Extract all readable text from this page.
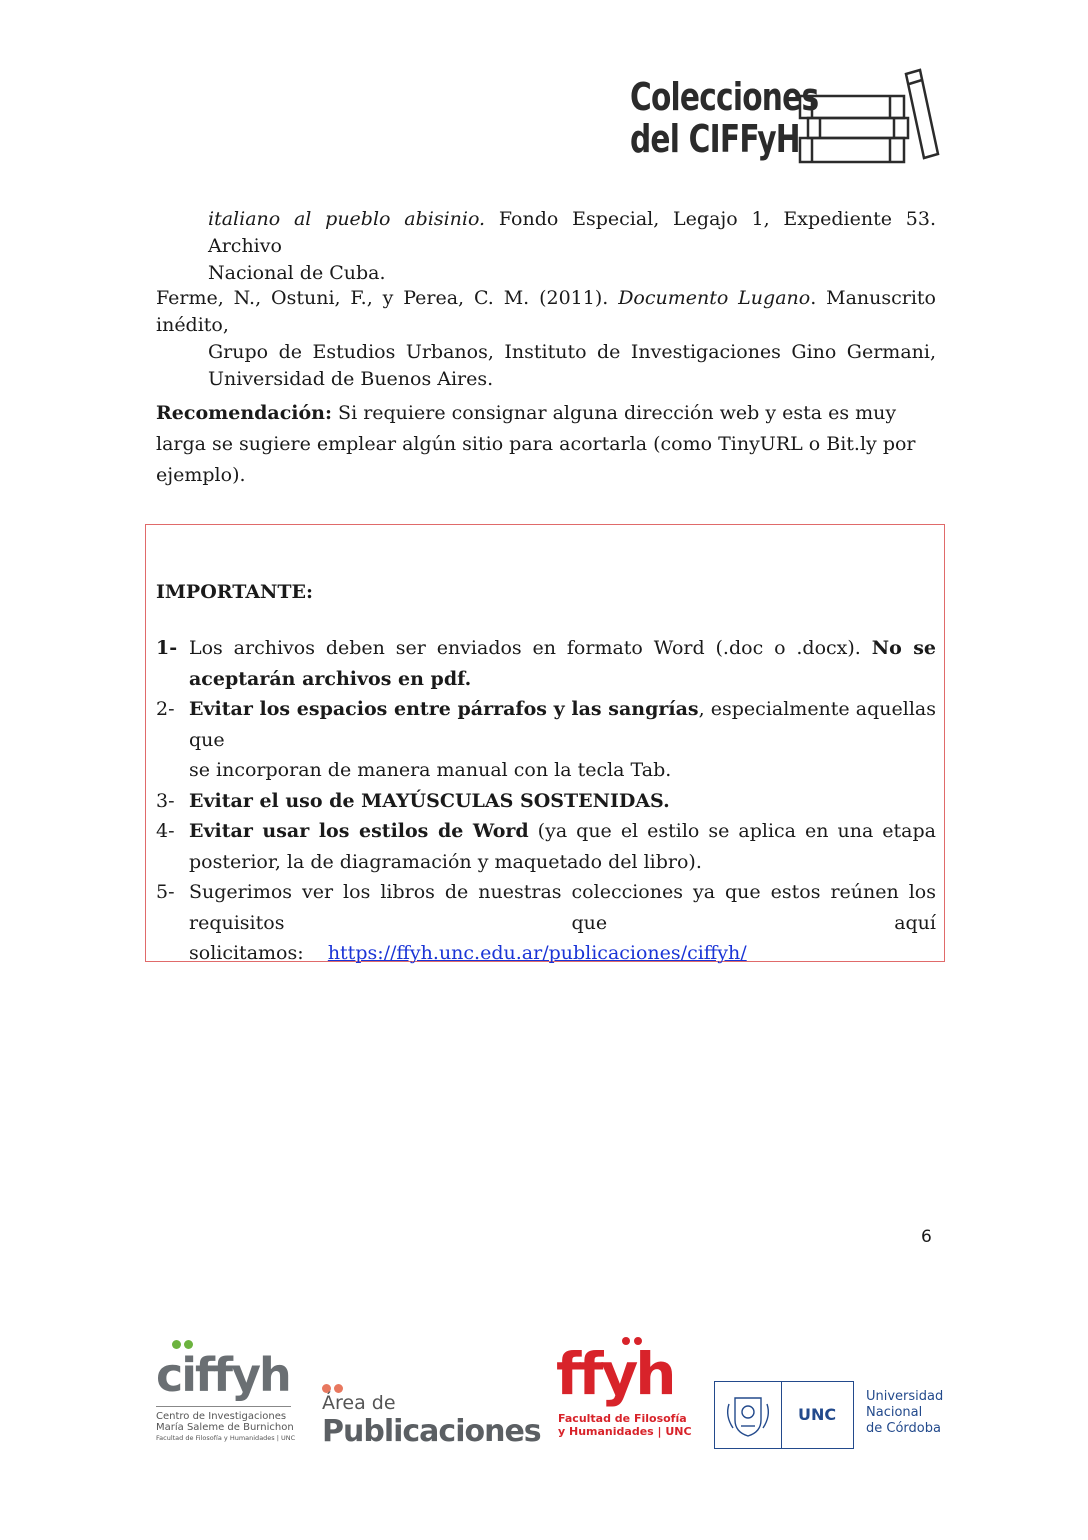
Colecciones
del CIFFyH
italiano al pueblo abisinio. Fondo Especial, Legajo 1, Expediente 53. Archivo
Nacional de Cuba.
Ferme, N., Ostuni, F., y Perea, C. M. (2011). Documento Lugano. Manuscrito inédito,
Grupo de Estudios Urbanos, Instituto de Investigaciones Gino Germani,
Universidad de Buenos Aires.
Recomendación: Si requiere consignar alguna dirección web y esta es muy larga se sugiere emplear algún sitio para acortarla (como TinyURL o Bit.ly por ejemplo).
IMPORTANTE:
1- Los archivos deben ser enviados en formato Word (.doc o .docx). No se
aceptarán archivos en pdf.
2- Evitar los espacios entre párrafos y las sangrías, especialmente aquellas que
se incorporan de manera manual con la tecla Tab.
3- Evitar el uso de MAYÚSCULAS SOSTENIDAS.
4- Evitar usar los estilos de Word (ya que el estilo se aplica en una etapa
posterior, la de diagramación y maquetado del libro).
5- Sugerimos ver los libros de nuestras colecciones ya que estos reúnen los
requisitos que aquí solicitamos: https://ffyh.unc.edu.ar/publicaciones/ciffyh/
6
ciffyh
Centro de Investigaciones
María Saleme de Burnichon
Facultad de Filosofía y Humanidades | UNC
Área de
Publicaciones
ffyh
Facultad de Filosofía
y Humanidades | UNC
UNC
Universidad
Nacional
de Córdoba
